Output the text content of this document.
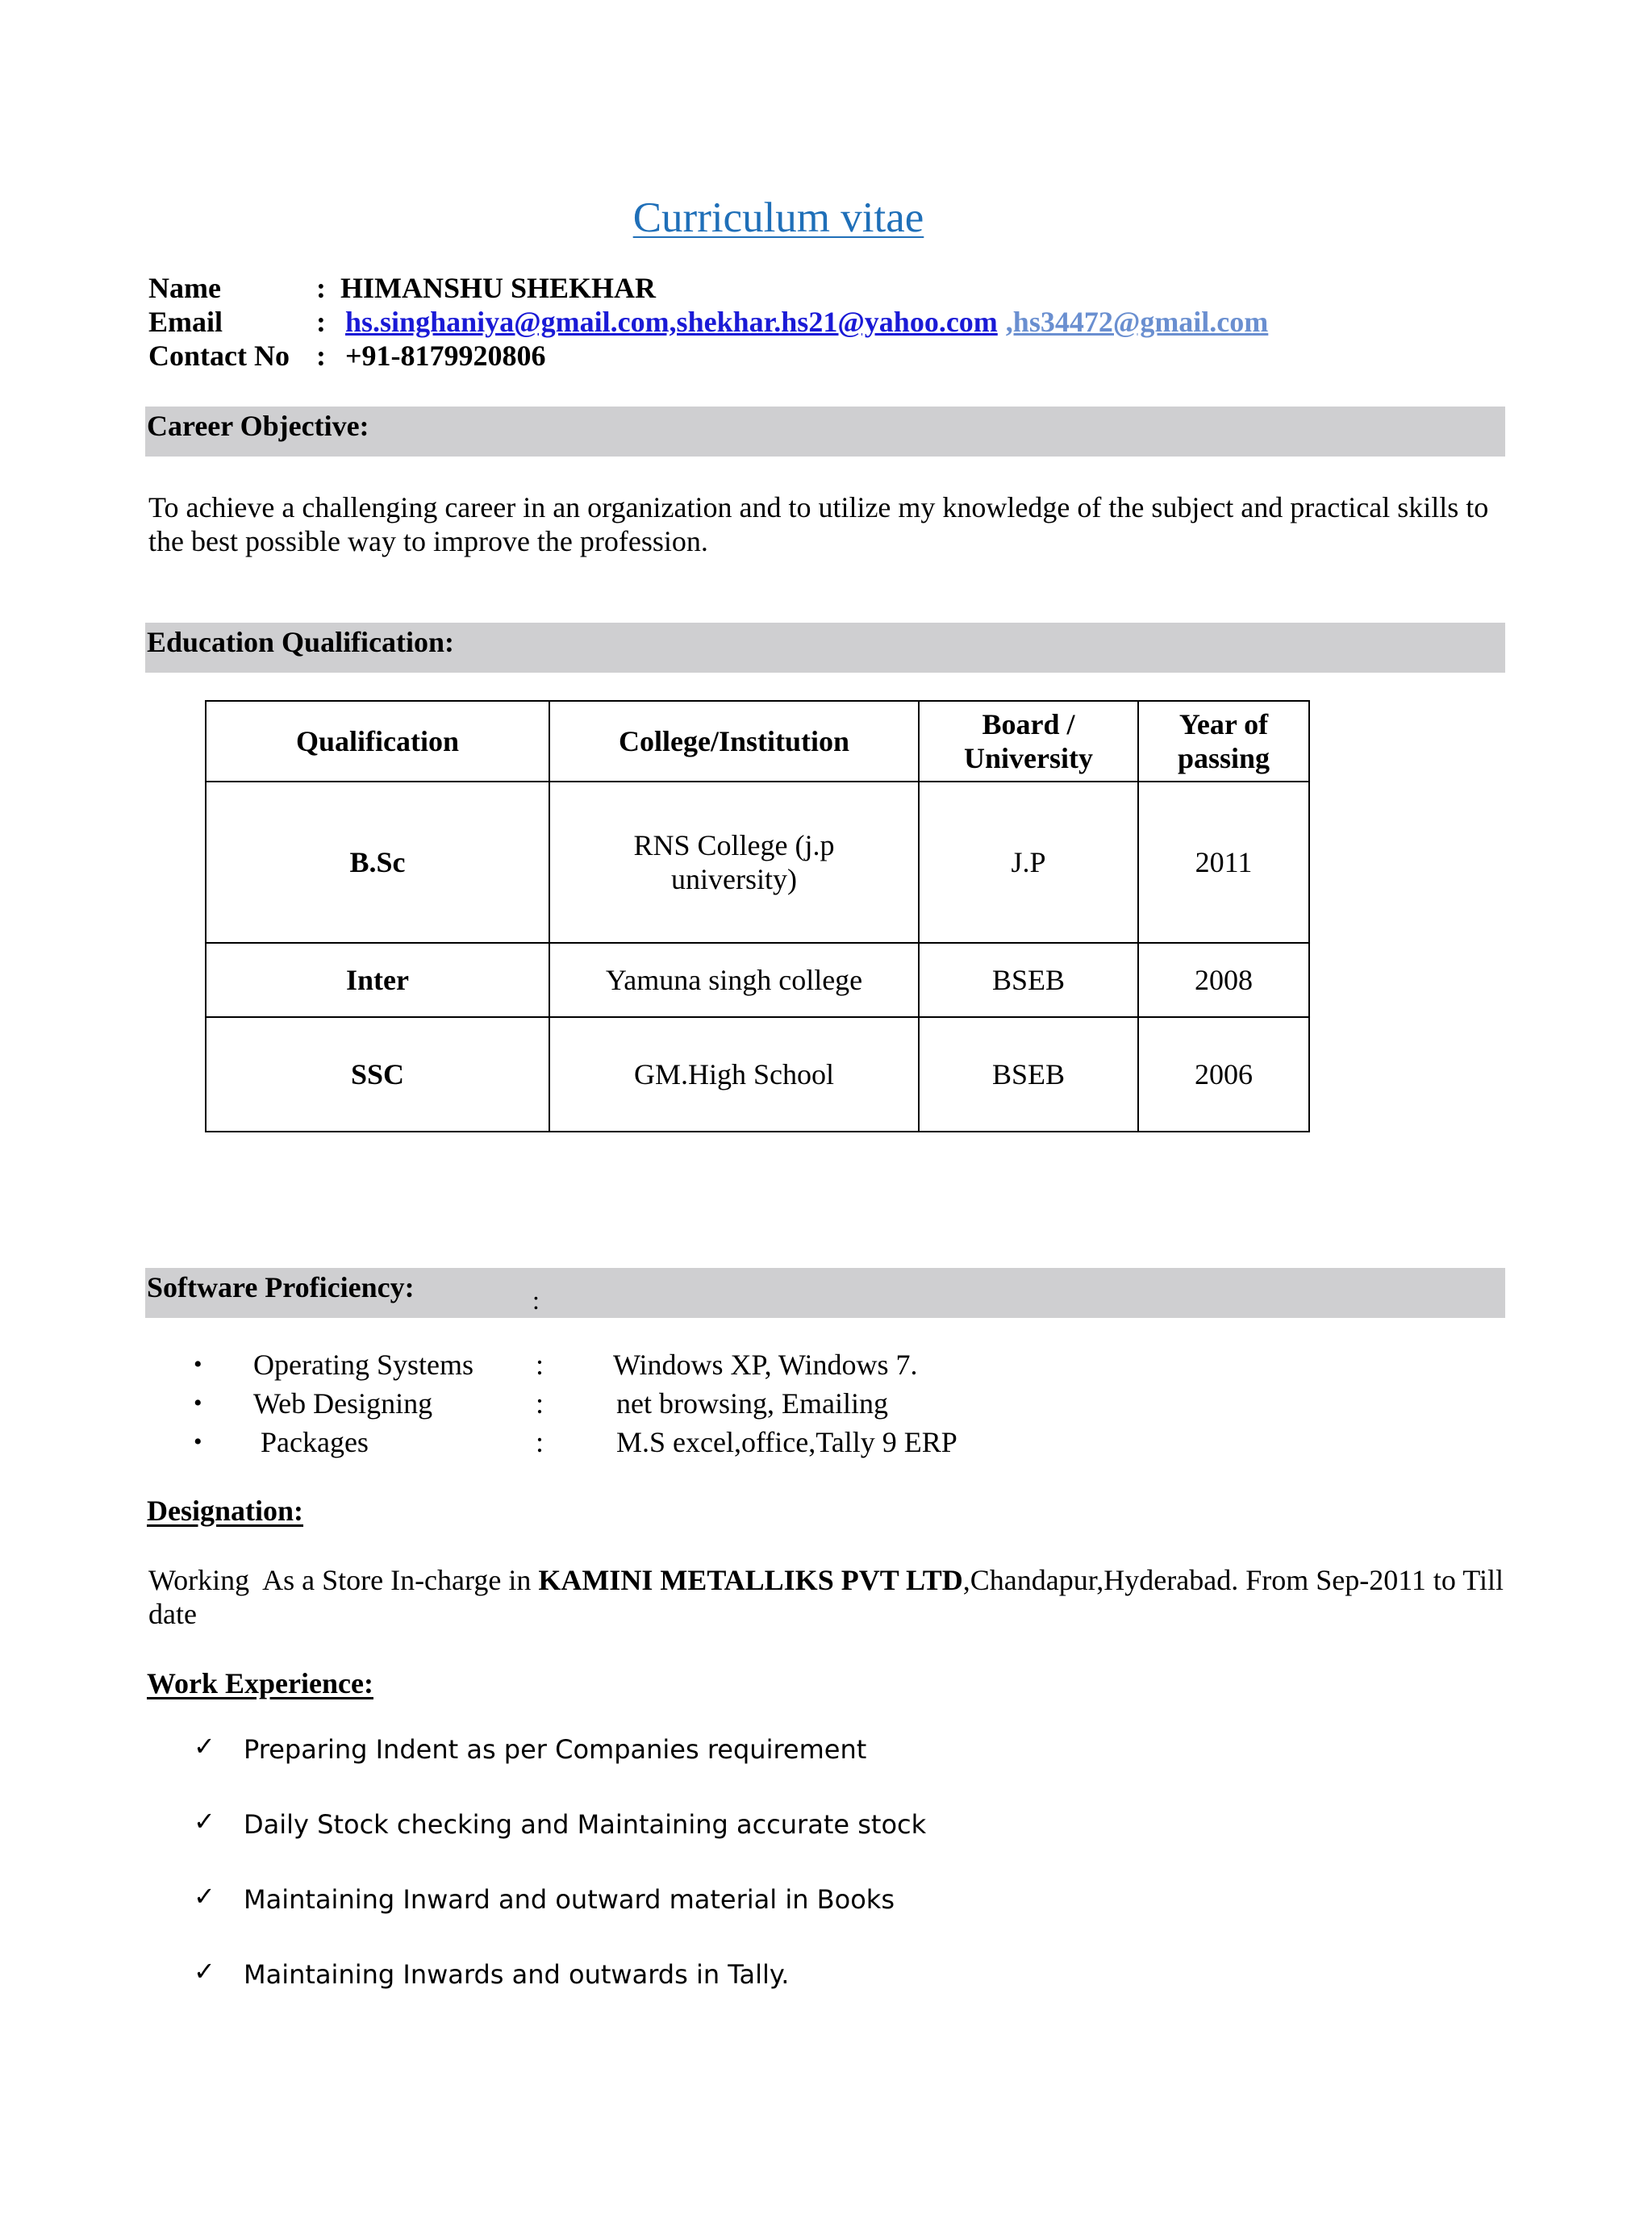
Curriculum vitae
Name	: HIMANSHU SHEKHAR
Email	: hs.singhaniya@gmail.com,shekhar.hs21@yahoo.com ,hs34472@gmail.com
Contact No : +91-8179920806
Career Objective:
To achieve a challenging career in an organization and to utilize my knowledge of the subject and practical skills to the best possible way to improve the profession.
Education Qualification:
Qualification	College/Institution	Board / University	Year of passing
B.Sc	RNS College (j.p university)	J.P	2011
Inter	Yamuna singh college	BSEB	2008
SSC	GM.High School	BSEB	2006
Software Proficiency:	:
• Operating Systems : Windows XP, Windows 7.
• Web Designing	: net browsing, Emailing
• Packages	: M.S excel,office,Tally 9 ERP
Designation:
Working  As a Store In-charge in KAMINI METALLIKS PVT LTD,Chandapur,Hyderabad. From Sep-2011 to Till date
Work Experience:
✓ Preparing Indent as per Companies requirement
✓ Daily Stock checking and Maintaining accurate stock
✓ Maintaining Inward and outward material in Books
✓ Maintaining Inwards and outwards in Tally.
